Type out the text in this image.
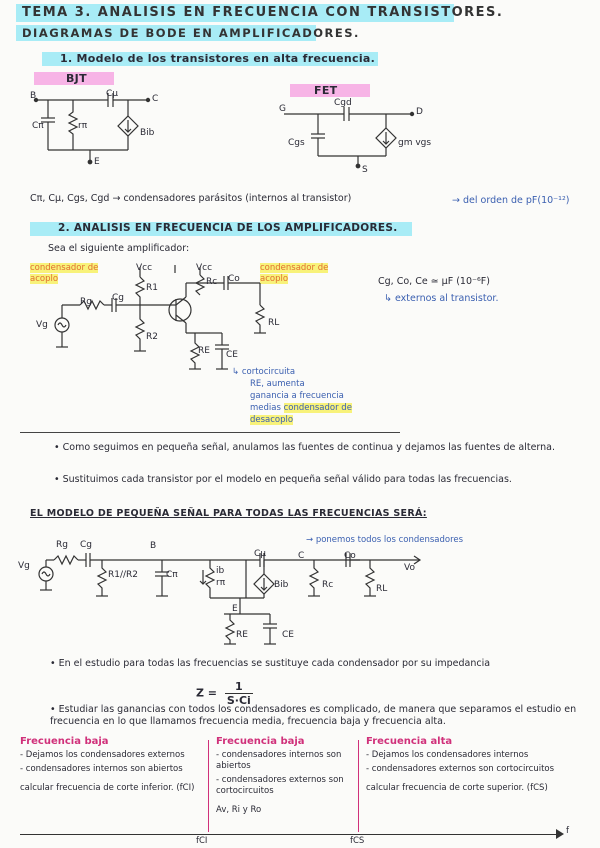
TEMA 3. ANALISIS EN FRECUENCIA CON TRANSISTORES.
DIAGRAMAS DE BODE EN AMPLIFICADORES.
1. Modelo de los transistores en alta frecuencia.
BJT
FET
B	C
E
Cπ	rπ
Cμ
Bib
G	D
S
Cgs
Cgd
gm vgs
Cπ, Cμ, Cgs, Cgd → condensadores parásitos (internos al transistor)	→ del orden de pF(10⁻¹²)
2. ANALISIS EN FRECUENCIA DE LOS AMPLIFICADORES.
Sea el siguiente amplificador:
condensador de acoplo
condensador de acoplo
Vcc	Vcc
R1
R2
Rc
RE CE
Rg Cg
Co
RL
Vg
Cg, Co, Ce ≃ μF (10⁻⁶F)
↳ externos al transistor.
↳ cortocircuita
RE, aumenta
ganancia a frecuencia
medias condensador de
desacoplo
• Como seguimos en pequeña señal, anulamos las fuentes de continua y dejamos las fuentes de alterna.
• Sustituimos cada transistor por el modelo en pequeña señal válido para todas las frecuencias.
EL MODELO DE PEQUEÑA SEÑAL PARA TODAS LAS FRECUENCIAS SERÁ:
→ ponemos todos los condensadores
Rg Cg	B
R1//R2	Cπ	ib
rπ
Cμ	C
Bib	Rc
Co
RL
Vo
Vg
E
RE	CE
• En el estudio para todas las frecuencias se sustituye cada condensador por su impedancia
$Z = \frac{1}{S\cdot Ci}$
• Estudiar las ganancias con todos los condensadores es complicado, de manera que separamos el estudio en frecuencia en lo que llamamos frecuencia media, frecuencia baja y frecuencia alta.
Frecuencia baja
- Dejamos los condensadores externos
- condensadores internos son abiertos
calcular frecuencia de corte inferior. (fCI)
Frecuencia baja
- condensadores internos son abiertos
- condensadores externos son cortocircuitos
Av, Ri y Ro
Frecuencia alta
- Dejamos los condensadores internos
- condensadores externos son cortocircuitos
calcular frecuencia de corte superior. (fCS)
fCI	fCS
f
